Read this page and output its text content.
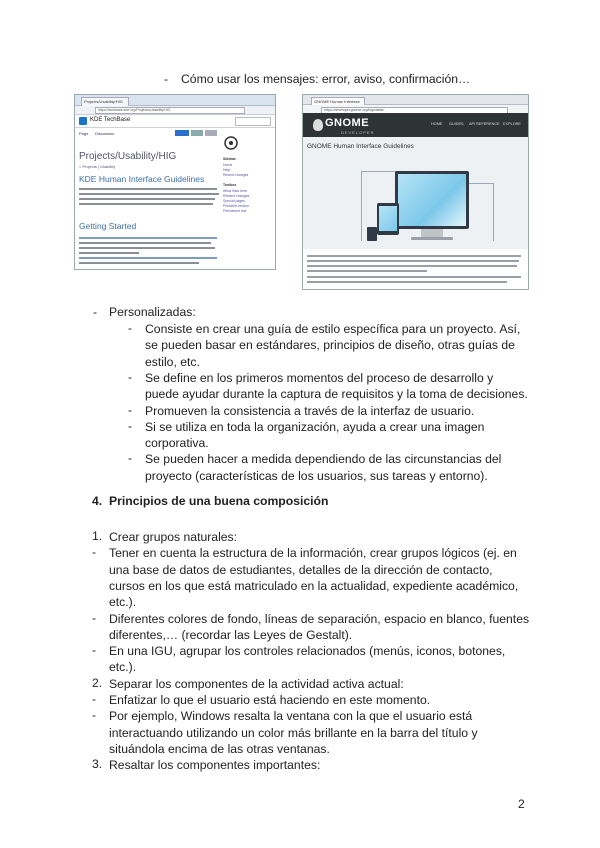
- Cómo usar los mensajes: error, aviso, confirmación…
Projects/Usability/HIG
https://techbase.kde.org/Projects/Usability/HIG
KDE TechBase
Page Discussion
Projects/Usability/HIG
< Projects | Usability
KDE Human Interface Guidelines
Getting Started
Sidebar
Home
Help
Recent changes
Toolbox
What links here
Related changes
Special pages
Printable version
Permanent link
GNOME Human Interface
https://developer.gnome.org/hig/stable/
GNOME
DEVELOPER
HOME GUIDES API REFERENCE EXPLORE
GNOME Human Interface Guidelines
- Personalizadas:
- Consiste en crear una guía de estilo específica para un proyecto. Así,
se pueden basar en estándares, principios de diseño, otras guías de
estilo, etc.
- Se define en los primeros momentos del proceso de desarrollo y
puede ayudar durante la captura de requisitos y la toma de decisiones.
- Promueven la consistencia a través de la interfaz de usuario.
- Si se utiliza en toda la organización, ayuda a crear una imagen
corporativa.
- Se pueden hacer a medida dependiendo de las circunstancias del
proyecto (características de los usuarios, sus tareas y entorno).
4. Principios de una buena composición
1. Crear grupos naturales:
- Tener en cuenta la estructura de la información, crear grupos lógicos (ej. en
una base de datos de estudiantes, detalles de la dirección de contacto,
cursos en los que está matriculado en la actualidad, expediente académico,
etc.).
- Diferentes colores de fondo, líneas de separación, espacio en blanco, fuentes
diferentes,… (recordar las Leyes de Gestalt).
- En una IGU, agrupar los controles relacionados (menús, iconos, botones,
etc.).
2. Separar los componentes de la actividad activa actual:
- Enfatizar lo que el usuario está haciendo en este momento.
- Por ejemplo, Windows resalta la ventana con la que el usuario está
interactuando utilizando un color más brillante en la barra del título y
situándola encima de las otras ventanas.
3. Resaltar los componentes importantes:
2
